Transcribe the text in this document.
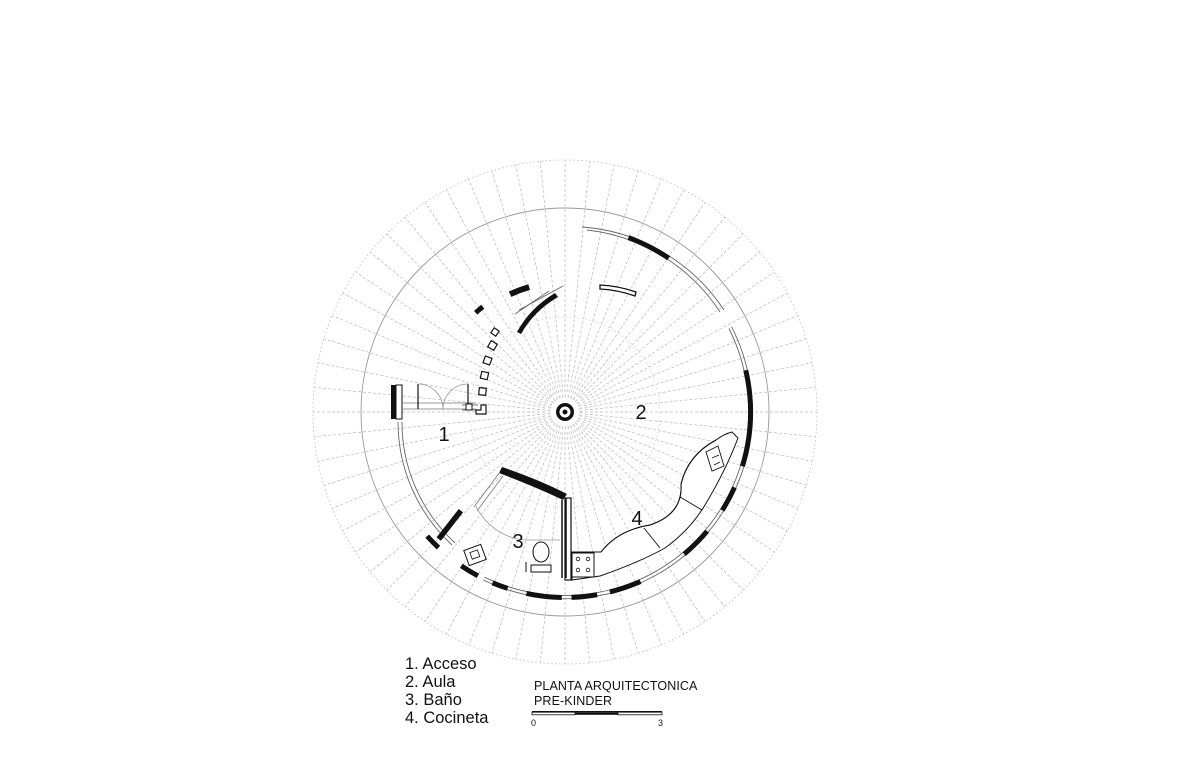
1
2
3
4
1. Acceso
2. Aula
3. Baño
4. Cocineta
PLANTA ARQUITECTONICA
PRE-KINDER
0	3
